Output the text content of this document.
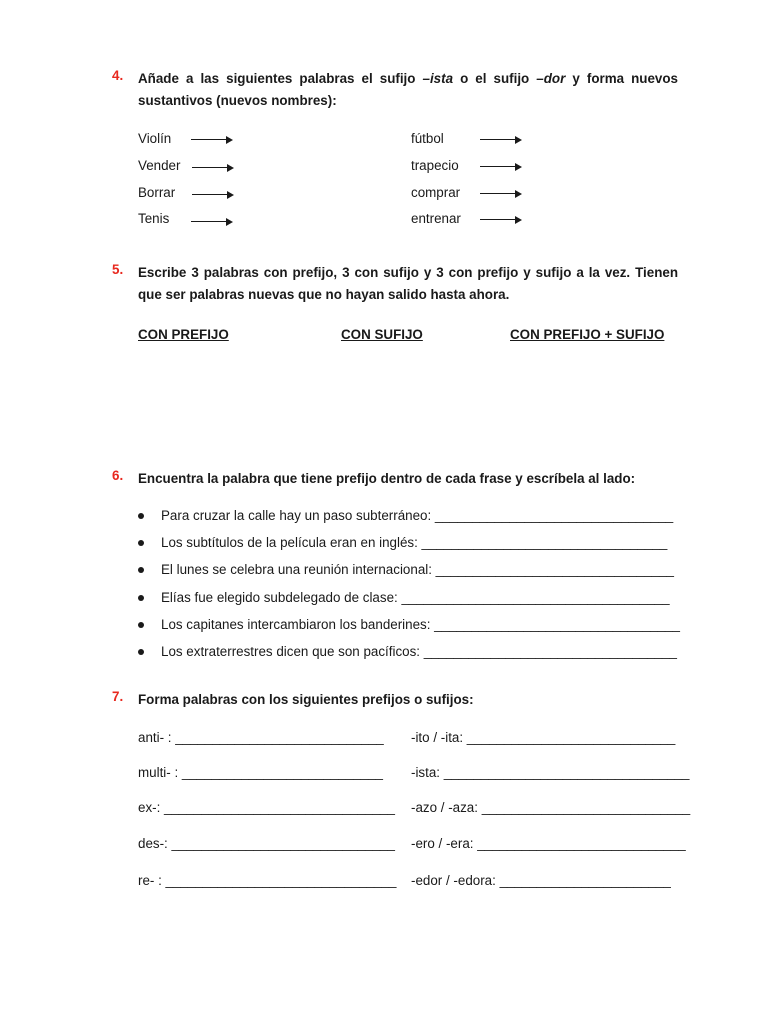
4. Añade a las siguientes palabras el sufijo –ista o el sufijo –dor y forma nuevos sustantivos (nuevos nombres):
Violín
Vender
Borrar
Tenis
fútbol
trapecio
comprar
entrenar
5. Escribe 3 palabras con prefijo, 3 con sufijo y 3 con prefijo y sufijo a la vez. Tienen que ser palabras nuevas que no hayan salido hasta ahora.
CON PREFIJO	CON SUFIJO	CON PREFIJO + SUFIJO
6. Encuentra la palabra que tiene prefijo dentro de cada frase y escríbela al lado:
Para cruzar la calle hay un paso subterráneo: ________________________________
Los subtítulos de la película eran en inglés: _________________________________
El lunes se celebra una reunión internacional: ________________________________
Elías fue elegido subdelegado de clase: ____________________________________
Los capitanes intercambiaron los banderines: _________________________________
Los extraterrestres dicen que son pacíficos: __________________________________
7. Forma palabras con los siguientes prefijos o sufijos:
anti- : ____________________________
multi- : ___________________________
ex-: _______________________________
des-: ______________________________
re- : _______________________________
-ito / -ita: ____________________________
-ista: _________________________________
-azo / -aza: ____________________________
-ero / -era: ____________________________
-edor / -edora: _______________________
